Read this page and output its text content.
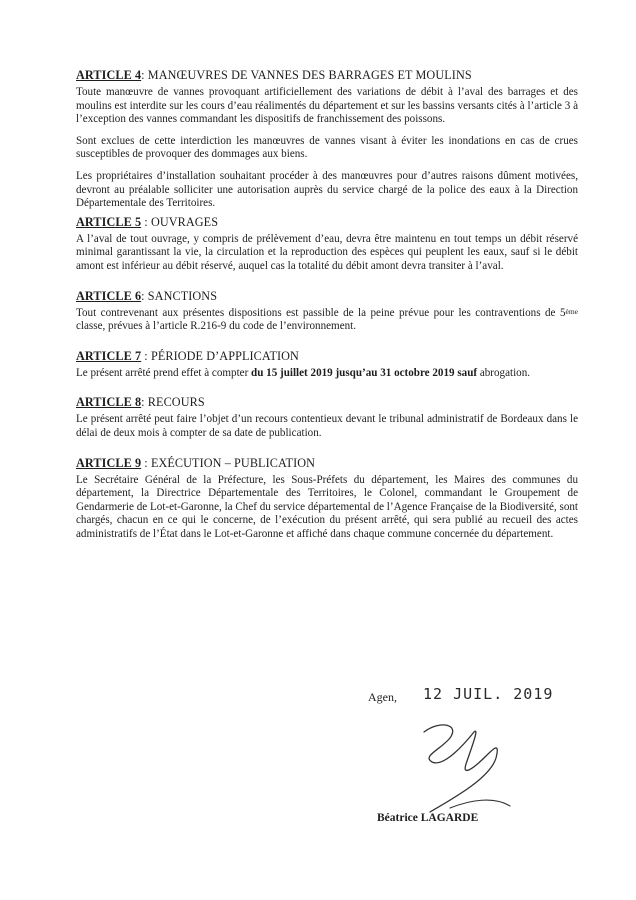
ARTICLE 4: MANŒUVRES DE VANNES DES BARRAGES ET MOULINS

Toute manœuvre de vannes provoquant artificiellement des variations de débit à l’aval des barrages et des moulins est interdite sur les cours d’eau réalimentés du département et sur les bassins versants cités à l’article 3 à l’exception des vannes commandant les dispositifs de franchissement des poissons.

Sont exclues de cette interdiction les manœuvres de vannes visant à éviter les inondations en cas de crues susceptibles de provoquer des dommages aux biens.

Les propriétaires d’installation souhaitant procéder à des manœuvres pour d’autres raisons dûment motivées, devront au préalable solliciter une autorisation auprès du service chargé de la police des eaux à la Direction Départementale des Territoires.

ARTICLE 5 : OUVRAGES

A l’aval de tout ouvrage, y compris de prélèvement d’eau, devra être maintenu en tout temps un débit réservé minimal garantissant la vie, la circulation et la reproduction des espèces qui peuplent les eaux, sauf si le débit amont est inférieur au débit réservé, auquel cas la totalité du débit amont devra transiter à l’aval.

ARTICLE 6: SANCTIONS

Tout contrevenant aux présentes dispositions est passible de la peine prévue pour les contraventions de 5ème classe, prévues à l’article R.216-9 du code de l’environnement.

ARTICLE 7 : PÉRIODE D’APPLICATION

Le présent arrêté prend effet à compter du 15 juillet 2019 jusqu’au 31 octobre 2019 sauf abrogation.

ARTICLE 8: RECOURS

Le présent arrêté peut faire l’objet d’un recours contentieux devant le tribunal administratif de Bordeaux dans le délai de deux mois à compter de sa date de publication.

ARTICLE 9 : EXÉCUTION – PUBLICATION

Le Secrétaire Général de la Préfecture, les Sous-Préfets du département, les Maires des communes du département, la Directrice Départementale des Territoires, le Colonel, commandant le Groupement de Gendarmerie de Lot-et-Garonne, la Chef du service départemental de l’Agence Française de la Biodiversité, sont chargés, chacun en ce qui le concerne, de l’exécution du présent arrêté, qui sera publié au recueil des actes administratifs de l’État dans le Lot-et-Garonne et affiché dans chaque commune concernée du département.

Agen, 12 JUIL. 2019
Béatrice LAGARDE
